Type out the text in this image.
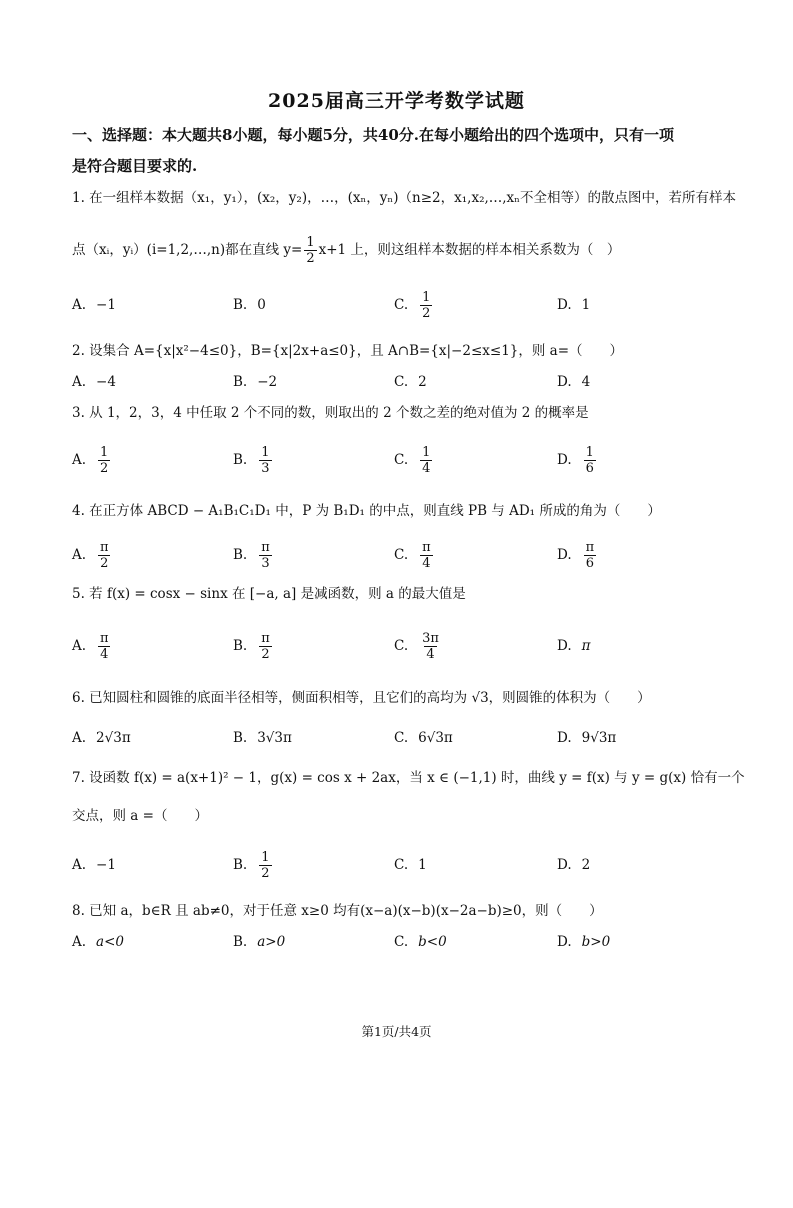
2025届高三开学考数学试题
一、选择题：本大题共8小题，每小题5分，共40分.在每小题给出的四个选项中，只有一项
是符合题目要求的.
1. 在一组样本数据（x₁，y₁），(x₂，y₂)，…，(xₙ，yₙ)（n≥2，x₁,x₂,…,xₙ不全相等）的散点图中，若所有样本
点（xᵢ，yᵢ）(i=1,2,…,n)都在直线 $y= \frac{1}{2} x+1$ 上，则这组样本数据的样本相关系数为（　）
A. −1	B. 0	C. $\frac{1}{2}$	D. 1
2. 设集合 A={x|x²−4≤0}，B={x|2x+a≤0}，且 A∩B={x|−2≤x≤1}，则 a=（　　）
A. −4	B. −2	C. 2	D. 4
3. 从 1，2，3，4 中任取 2 个不同的数，则取出的 2 个数之差的绝对值为 2 的概率是
A. $\frac{1}{2}$	B. $\frac{1}{3}$	C. $\frac{1}{4}$	D. $\frac{1}{6}$
4. 在正方体 ABCD − A₁B₁C₁D₁ 中，P 为 B₁D₁ 的中点，则直线 PB 与 AD₁ 所成的角为（　　）
A. $\frac{\pi}{2}$	B. $\frac{\pi}{3}$	C. $\frac{\pi}{4}$	D. $\frac{\pi}{6}$
5. 若 f(x) = cosx − sinx 在 [−a, a] 是减函数，则 a 的最大值是
A. $\frac{\pi}{4}$	B. $\frac{\pi}{2}$	C. $\frac{3\pi}{4}$	D. π
6. 已知圆柱和圆锥的底面半径相等，侧面积相等，且它们的高均为 √3，则圆锥的体积为（　　）
A. 2√3π	B. 3√3π	C. 6√3π	D. 9√3π
7. 设函数 f(x) = a(x+1)² − 1，g(x) = cos x + 2ax，当 x ∈ (−1,1) 时，曲线 y = f(x) 与 y = g(x) 恰有一个
交点，则 a =（　　）
A. −1	B. $\frac{1}{2}$	C. 1	D. 2
8. 已知 a，b∈R 且 ab≠0，对于任意 x≥0 均有(x−a)(x−b)(x−2a−b)≥0，则（　　）
A. a<0	B. a>0	C. b<0	D. b>0
第1页/共4页
